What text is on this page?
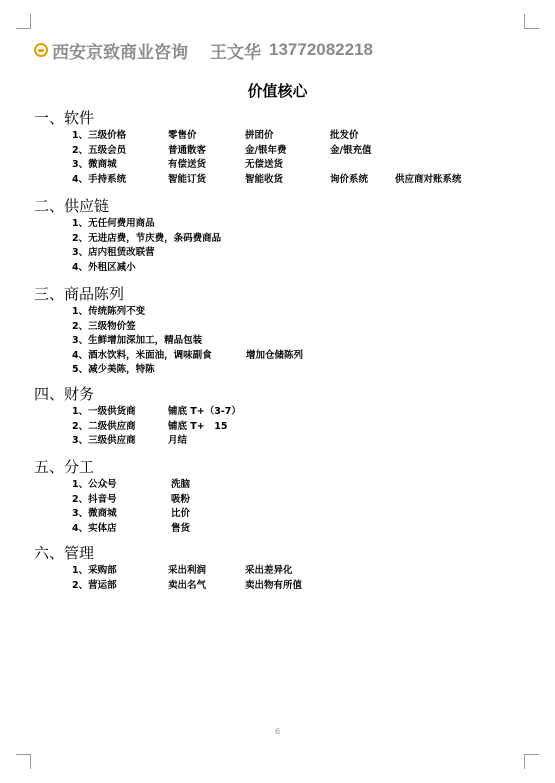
西安京致商业咨询 王文华 13772082218
价值核心
一、软件
1、三级价格	零售价	拼团价	批发价
2、五级会员	普通散客	金/银年费	金/银充值
3、微商城	有偿送货	无偿送货
4、手持系统	智能订货	智能收货	询价系统	供应商对账系统
二、供应链
1、无任何费用商品
2、无进店费，节庆费，条码费商品
3、店内租赁改联营
4、外租区减小
三、商品陈列
1、传统陈列不变
2、三级物价签
3、生鲜增加深加工，精品包装
4、酒水饮料，米面油，调味副食	增加仓储陈列
5、减少美陈，特陈
四、财务
1、一级供货商	铺底 T+（3-7）
2、二级供应商	铺底 T+　15
3、三级供应商	月结
五、分工
1、公众号	洗脑
2、抖音号	吸粉
3、微商城	比价
4、实体店	售货
六、管理
1、采购部	采出利润	采出差异化
2、营运部	卖出名气	卖出物有所值
6
